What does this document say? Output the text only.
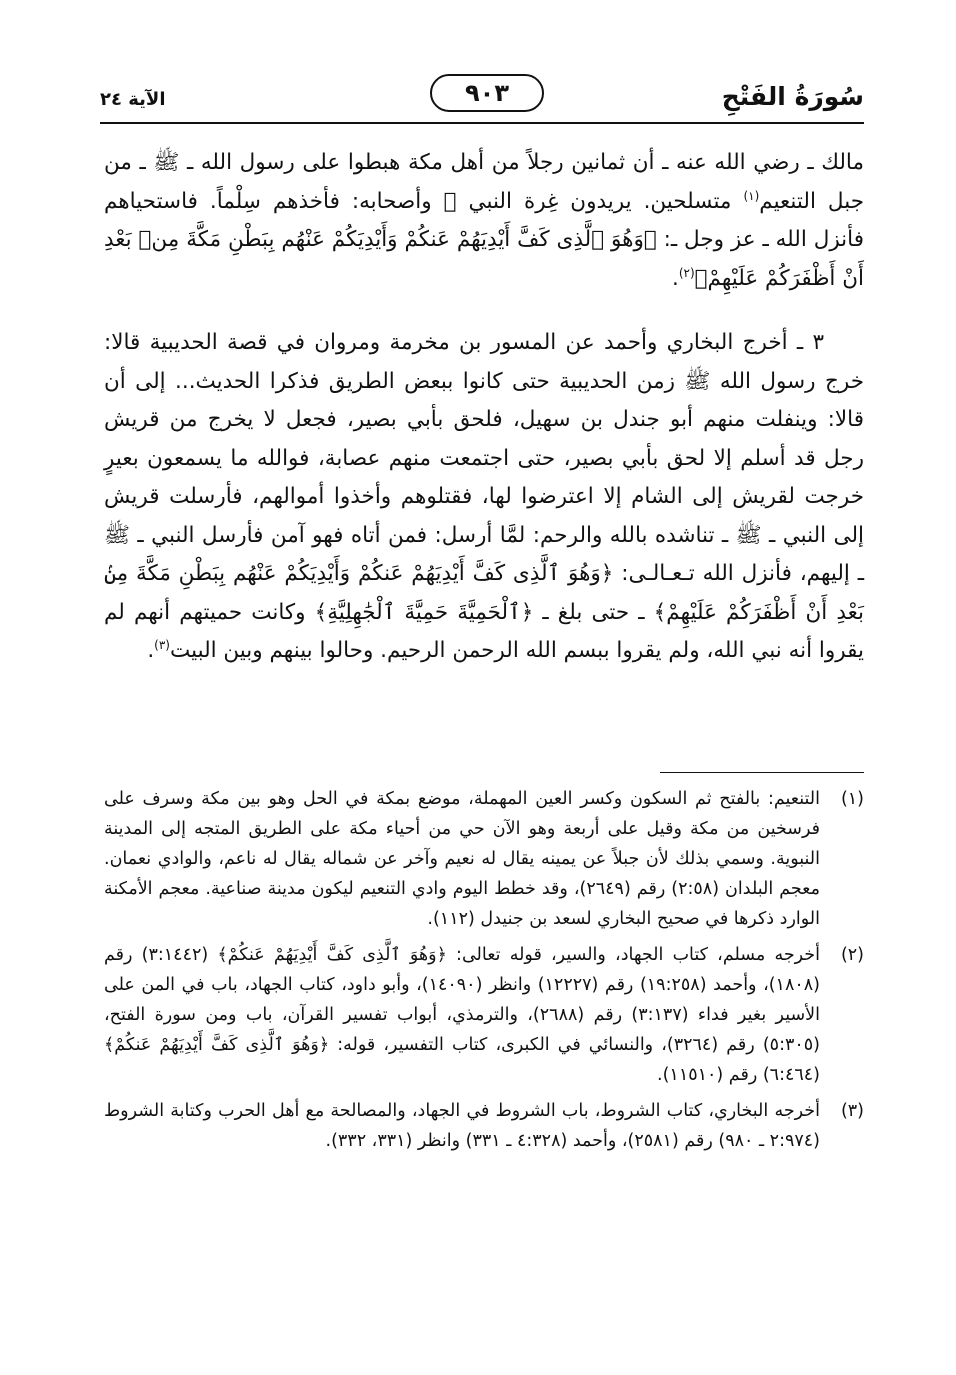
سُورَةُ الفَتْحِ
٩٠٣
الآية ٢٤

مالك ـ رضي الله عنه ـ أن ثمانين رجلاً من أهل مكة هبطوا على رسول الله ـ ﷺ ـ من جبل التنعيم$^{(١)}$ متسلحين. يريدون غِرة النبي ﷺ وأصحابه: فأخذهم سِلْماً. فاستحياهم فأنزل الله ـ عز وجل ـ: ﴿وَهُوَ ٱلَّذِى كَفَّ أَيْدِيَهُمْ عَنكُمْ وَأَيْدِيَكُمْ عَنْهُم بِبَطْنِ مَكَّةَ مِنۢ بَعْدِ أَنْ أَظْفَرَكُمْ عَلَيْهِمْ﴾$^{(٢)}$.

٣ ـ أخرج البخاري وأحمد عن المسور بن مخرمة ومروان في قصة الحديبية قالا: خرج رسول الله ﷺ زمن الحديبية حتى كانوا ببعض الطريق فذكرا الحديث... إلى أن قالا: وينفلت منهم أبو جندل بن سهيل، فلحق بأبي بصير، فجعل لا يخرج من قريش رجل قد أسلم إلا لحق بأبي بصير، حتى اجتمعت منهم عصابة، فوالله ما يسمعون بعيرٍ خرجت لقريش إلى الشام إلا اعترضوا لها، فقتلوهم وأخذوا أموالهم، فأرسلت قريش إلى النبي ـ ﷺ ـ تناشده بالله والرحم: لمَّا أرسل: فمن أتاه فهو آمن فأرسل النبي ـ ﷺ ـ إليهم، فأنزل الله تـعـالـى: ﴿وَهُوَ ٱلَّذِى كَفَّ أَيْدِيَهُمْ عَنكُمْ وَأَيْدِيَكُمْ عَنْهُم بِبَطْنِ مَكَّةَ مِنۢ بَعْدِ أَنْ أَظْفَرَكُمْ عَلَيْهِمْ﴾ ـ حتى بلغ ـ ﴿ٱلْحَمِيَّةَ حَمِيَّةَ ٱلْجَٰهِلِيَّةِ﴾ وكانت حميتهم أنهم لم يقروا أنه نبي الله، ولم يقروا ببسم الله الرحمن الرحيم. وحالوا بينهم وبين البيت$^{(٣)}$.

(١)
التنعيم: بالفتح ثم السكون وكسر العين المهملة، موضع بمكة في الحل وهو بين مكة وسرف على فرسخين من مكة وقيل على أربعة وهو الآن حي من أحياء مكة على الطريق المتجه إلى المدينة النبوية. وسمي بذلك لأن جبلاً عن يمينه يقال له نعيم وآخر عن شماله يقال له ناعم، والوادي نعمان. معجم البلدان (٢:٥٨) رقم (٢٦٤٩)، وقد خطط اليوم وادي التنعيم ليكون مدينة صناعية. معجم الأمكنة الوارد ذكرها في صحيح البخاري لسعد بن جنيدل (١١٢).
(٢)
أخرجه مسلم، كتاب الجهاد، والسير، قوله تعالى: ﴿وَهُوَ ٱلَّذِى كَفَّ أَيْدِيَهُمْ عَنكُمْ﴾ (٣:١٤٤٢) رقم (١٨٠٨)، وأحمد (١٩:٢٥٨) رقم (١٢٢٢٧) وانظر (١٤٠٩٠)، وأبو داود، كتاب الجهاد، باب في المن على الأسير بغير فداء (٣:١٣٧) رقم (٢٦٨٨)، والترمذي، أبواب تفسير القرآن، باب ومن سورة الفتح، (٥:٣٠٥) رقم (٣٢٦٤)، والنسائي في الكبرى، كتاب التفسير، قوله: ﴿وَهُوَ ٱلَّذِى كَفَّ أَيْدِيَهُمْ عَنكُمْ﴾ (٦:٤٦٤) رقم (١١٥١٠).
(٣)
أخرجه البخاري، كتاب الشروط، باب الشروط في الجهاد، والمصالحة مع أهل الحرب وكتابة الشروط (٢:٩٧٤ ـ ٩٨٠) رقم (٢٥٨١)، وأحمد (٤:٣٢٨ ـ ٣٣١) وانظر (٣٣١، ٣٣٢).
